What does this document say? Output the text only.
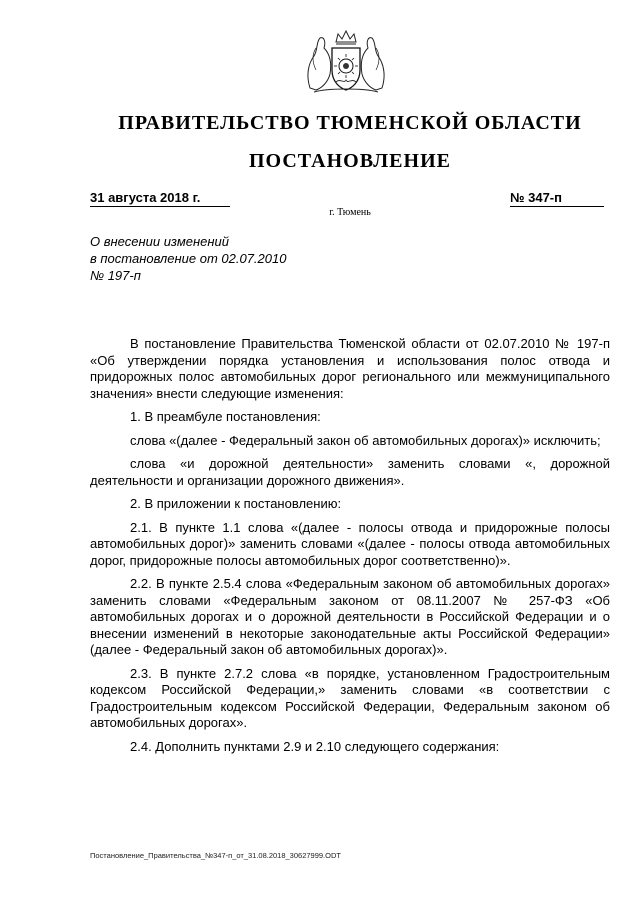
ПРАВИТЕЛЬСТВО ТЮМЕНСКОЙ ОБЛАСТИ
ПОСТАНОВЛЕНИЕ
31 августа 2018 г.	№ 347-п
г. Тюмень
О внесении изменений
в постановление от 02.07.2010
№ 197-п

В постановление Правительства Тюменской области от 02.07.2010 № 197-п «Об утверждении порядка установления и использования полос отвода и придорожных полос автомобильных дорог регионального или межмуниципального значения» внести следующие изменения:

1. В преамбуле постановления:

слова «(далее - Федеральный закон об автомобильных дорогах)» исключить;

слова «и дорожной деятельности» заменить словами «, дорожной деятельности и организации дорожного движения».

2. В приложении к постановлению:

2.1. В пункте 1.1 слова «(далее - полосы отвода и придорожные полосы автомобильных дорог)» заменить словами «(далее - полосы отвода автомобильных дорог, придорожные полосы автомобильных дорог соответственно)».

2.2. В пункте 2.5.4 слова «Федеральным законом об автомобильных дорогах» заменить словами «Федеральным законом от 08.11.2007 № 257-ФЗ «Об автомобильных дорогах и о дорожной деятельности в Российской Федерации и о внесении изменений в некоторые законодательные акты Российской Федерации» (далее - Федеральный закон об автомобильных дорогах)».

2.3. В пункте 2.7.2 слова «в порядке, установленном Градостроительным кодексом Российской Федерации,» заменить словами «в соответствии с Градостроительным кодексом Российской Федерации, Федеральным законом об автомобильных дорогах».

2.4. Дополнить пунктами 2.9 и 2.10 следующего содержания:

Постановление_Правительства_№347-п_от_31.08.2018_30627999.ODT
